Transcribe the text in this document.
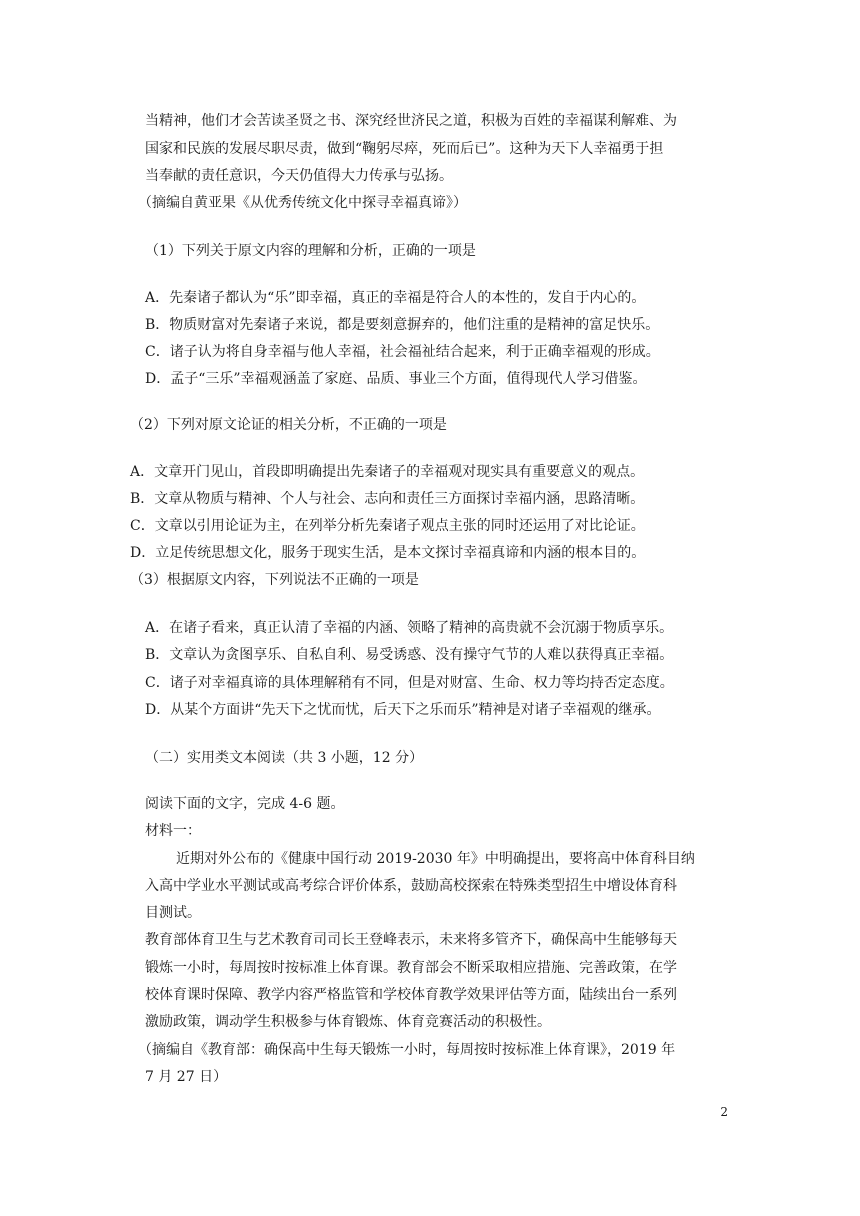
当精神，他们才会苦读圣贤之书、深究经世济民之道，积极为百姓的幸福谋利解难、为
国家和民族的发展尽职尽责，做到“鞠躬尽瘁，死而后已”。这种为天下人幸福勇于担
当奉献的责任意识，今天仍值得大力传承与弘扬。
（摘编自黄亚果《从优秀传统文化中探寻幸福真谛》）
（1）下列关于原文内容的理解和分析，正确的一项是
A．先秦诸子都认为“乐”即幸福，真正的幸福是符合人的本性的，发自于内心的。
B．物质财富对先秦诸子来说，都是要刻意摒弃的，他们注重的是精神的富足快乐。
C．诸子认为将自身幸福与他人幸福，社会福祉结合起来，利于正确幸福观的形成。
D．孟子“三乐”幸福观涵盖了家庭、品质、事业三个方面，值得现代人学习借鉴。
（2）下列对原文论证的相关分析，不正确的一项是
A．文章开门见山，首段即明确提出先秦诸子的幸福观对现实具有重要意义的观点。
B．文章从物质与精神、个人与社会、志向和责任三方面探讨幸福内涵，思路清晰。
C．文章以引用论证为主，在列举分析先秦诸子观点主张的同时还运用了对比论证。
D．立足传统思想文化，服务于现实生活，是本文探讨幸福真谛和内涵的根本目的。
（3）根据原文内容，下列说法不正确的一项是
A．在诸子看来，真正认清了幸福的内涵、领略了精神的高贵就不会沉溺于物质享乐。
B．文章认为贪图享乐、自私自利、易受诱惑、没有操守气节的人难以获得真正幸福。
C．诸子对幸福真谛的具体理解稍有不同，但是对财富、生命、权力等均持否定态度。
D．从某个方面讲“先天下之忧而忧，后天下之乐而乐”精神是对诸子幸福观的继承。
（二）实用类文本阅读（共 3 小题，12 分）
阅读下面的文字，完成 4-6 题。
材料一：
近期对外公布的《健康中国行动 2019-2030 年》中明确提出，要将高中体育科目纳
入高中学业水平测试或高考综合评价体系，鼓励高校探索在特殊类型招生中增设体育科
目测试。
教育部体育卫生与艺术教育司司长王登峰表示，未来将多管齐下，确保高中生能够每天
锻炼一小时，每周按时按标准上体育课。教育部会不断采取相应措施、完善政策，在学
校体育课时保障、教学内容严格监管和学校体育教学效果评估等方面，陆续出台一系列
激励政策，调动学生积极参与体育锻炼、体育竞赛活动的积极性。
（摘编自《教育部：确保高中生每天锻炼一小时，每周按时按标准上体育课》，2019 年
7 月 27 日）
2
